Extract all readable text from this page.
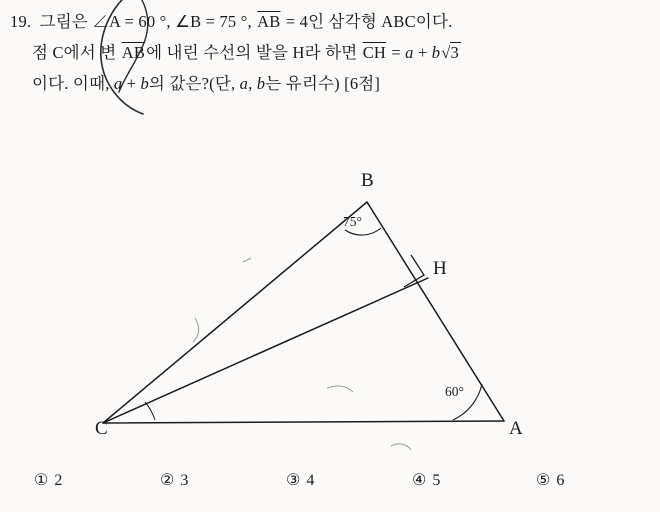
19. 그림은 ∠ A = 60 °, ∠ B = 75 °, $\overline{AB} = 4$인 삼각형 ABC이다.
점 C에서 변 $\overline{AB}$에 내린 수선의 발을 H라 하면 $\overline{CH} = a + b√3$
이다. 이때, a + b의 값은?(단, a, b는 유리수) [6점]
B
H
C	A
75°
60°
① 2	② 3	③ 4	④ 5	⑤ 6
